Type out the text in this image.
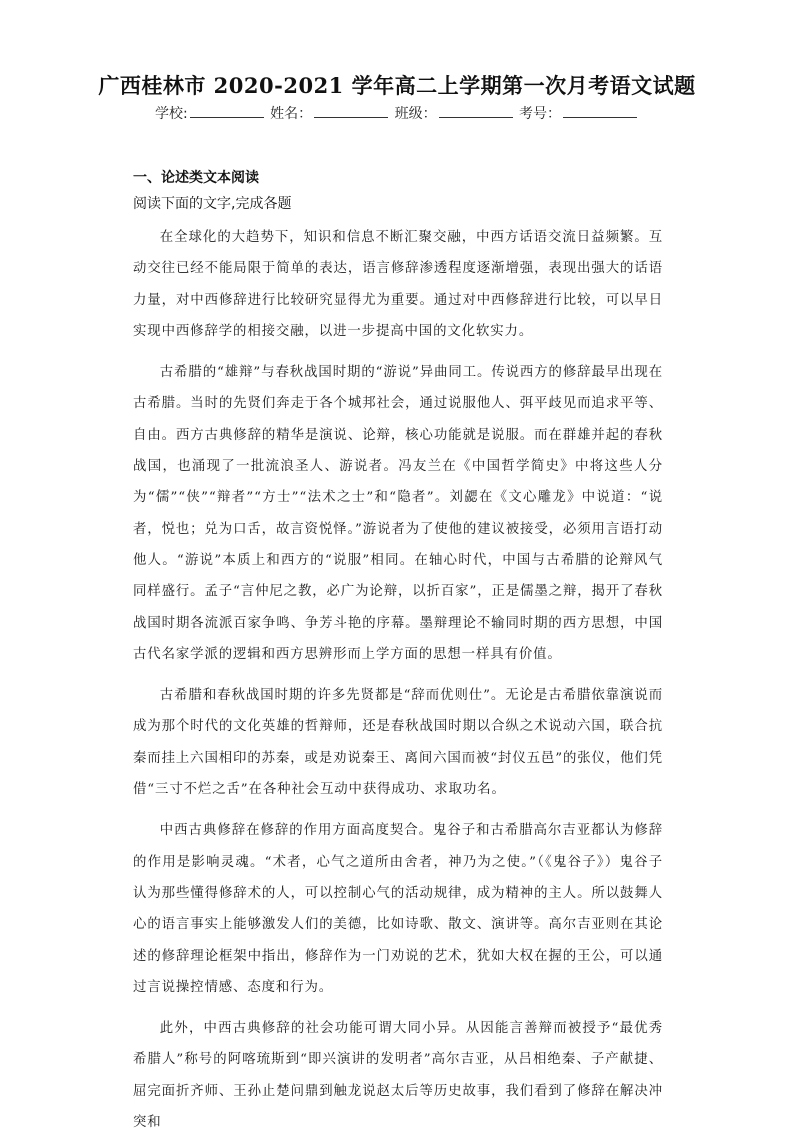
广西桂林市 2020-2021 学年高二上学期第一次月考语文试题
学校:	姓名：	班级：	考号：
一、论述类文本阅读
阅读下面的文字,完成各题

在全球化的大趋势下，知识和信息不断汇聚交融，中西方话语交流日益频繁。互动交往已经不能局限于简单的表达，语言修辞渗透程度逐渐增强，表现出强大的话语力量，对中西修辞进行比较研究显得尤为重要。通过对中西修辞进行比较，可以早日实现中西修辞学的相接交融，以进一步提高中国的文化软实力。

古希腊的“雄辩”与春秋战国时期的“游说”异曲同工。传说西方的修辞最早出现在古希腊。当时的先贤们奔走于各个城邦社会，通过说服他人、弭平歧见而追求平等、自由。西方古典修辞的精华是演说、论辩，核心功能就是说服。而在群雄并起的春秋战国，也涌现了一批流浪圣人、游说者。冯友兰在《中国哲学简史》中将这些人分为“儒”“侠”“辩者”“方士”“法术之士”和“隐者”。刘勰在《文心雕龙》中说道：“说者，悦也；兑为口舌，故言资悦怿。”游说者为了使他的建议被接受，必须用言语打动他人。“游说”本质上和西方的“说服”相同。在轴心时代，中国与古希腊的论辩风气同样盛行。孟子“言仲尼之教，必广为论辩，以折百家”，正是儒墨之辩，揭开了春秋战国时期各流派百家争鸣、争芳斗艳的序幕。墨辩理论不输同时期的西方思想，中国古代名家学派的逻辑和西方思辨形而上学方面的思想一样具有价值。

古希腊和春秋战国时期的许多先贤都是“辞而优则仕”。无论是古希腊依靠演说而成为那个时代的文化英雄的哲辩师，还是春秋战国时期以合纵之术说动六国，联合抗秦而挂上六国相印的苏秦，或是劝说秦王、离间六国而被“封仪五邑”的张仪，他们凭借“三寸不烂之舌”在各种社会互动中获得成功、求取功名。

中西古典修辞在修辞的作用方面高度契合。鬼谷子和古希腊高尔吉亚都认为修辞的作用是影响灵魂。“术者，心气之道所由舍者，神乃为之使。”（《鬼谷子》）鬼谷子认为那些懂得修辞术的人，可以控制心气的活动规律，成为精神的主人。所以鼓舞人心的语言事实上能够激发人们的美德，比如诗歌、散文、演讲等。高尔吉亚则在其论述的修辞理论框架中指出，修辞作为一门劝说的艺术，犹如大权在握的王公，可以通过言说操控情感、态度和行为。

此外，中西古典修辞的社会功能可谓大同小异。从因能言善辩而被授予“最优秀希腊人”称号的阿喀琉斯到“即兴演讲的发明者”高尔吉亚，从吕相绝秦、子产献捷、屈完面折齐师、王孙止楚问鼎到触龙说赵太后等历史故事，我们看到了修辞在解决冲突和
